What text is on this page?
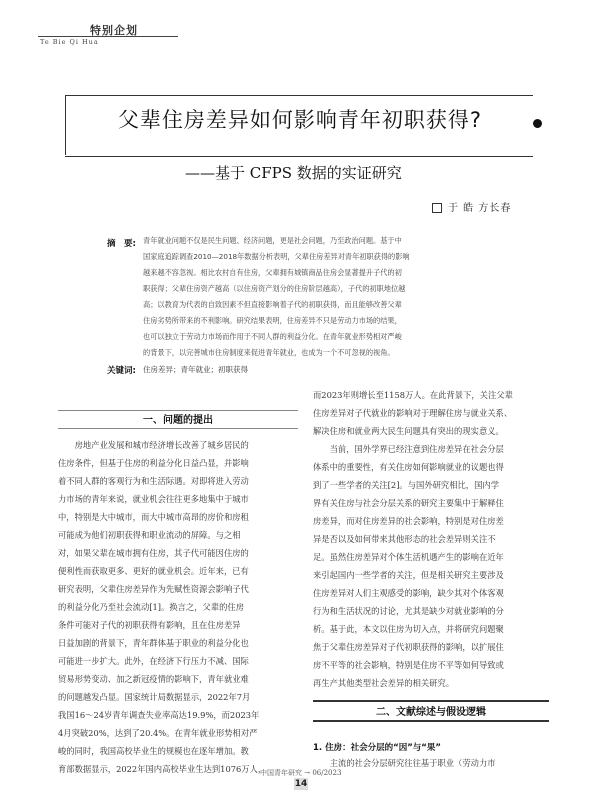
特别企划
Te Bie Qi Hua
父辈住房差异如何影响青年初职获得?
——基于 CFPS 数据的实证研究
于 皓 方长春
摘　要: 青年就业问题不仅是民生问题、经济问题，更是社会问题，乃至政治问题。基于中
国家庭追踪调查2010—2018年数据分析表明，父辈住房差异对青年初职获得的影响
越来越不容忽视。相比农村自有住房，父辈拥有城镇商品住房会显著提升子代的初
职获得；父辈住房资产越高（以住房资产划分的住房阶层越高），子代的初职地位越
高；以教育为代表的自致因素不但直接影响着子代的初职获得，而且能够改善父辈
住房劣势所带来的不利影响。研究结果表明，住房差异不只是劳动力市场的结果，
也可以独立于劳动力市场而作用于不同人群的利益分化。在青年就业形势相对严峻
的背景下，以完善城市住房制度来促进青年就业，也成为一个不可忽视的视角。
关键词: 住房差异；青年就业；初职获得
一、问题的提出
　　房地产业发展和城市经济增长改善了城乡居民的
住房条件，但基于住房的利益分化日益凸显，并影响
着不同人群的客观行为和生活际遇。对即将进入劳动
力市场的青年来说，就业机会往往更多地集中于城市
中，特别是大中城市，而大中城市高昂的房价和房租
可能成为他们初职获得和职业流动的屏障。与之相
对，如果父辈在城市拥有住房，其子代可能因住房的
便利性而获取更多、更好的就业机会。近年来，已有
研究表明，父辈住房差异作为先赋性资源会影响子代
的利益分化乃至社会流动[1]。换言之，父辈的住房
条件可能对子代的初职获得有影响，且在住房差异
日益加剧的背景下，青年群体基于职业的利益分化也
可能进一步扩大。此外，在经济下行压力不减、国际
贸易形势变动、加之新冠疫情的影响下，青年就业难
的问题越发凸显。国家统计局数据显示，2022年7月
我国16～24岁青年调查失业率高达19.9%，而2023年
4月突破20%，达到了20.4%。在青年就业形势相对严
峻的同时，我国高校毕业生的规模也在逐年增加。教
育部数据显示，2022年国内高校毕业生达到1076万人，
而2023年则增长至1158万人。在此背景下，关注父辈
住房差异对子代就业的影响对于理解住房与就业关系、
解决住房和就业两大民生问题具有突出的现实意义。
　　当前，国外学界已经注意到住房差异在社会分层
体系中的重要性，有关住房如何影响就业的议题也得
到了一些学者的关注[2]。与国外研究相比，国内学
界有关住房与社会分层关系的研究主要集中于解释住
房差异，而对住房差异的社会影响，特别是对住房差
异是否以及如何带来其他形态的社会差异则关注不
足。虽然住房差异对个体生活机遇产生的影响在近年
来引起国内一些学者的关注，但是相关研究主要涉及
住房差异对人们主观感受的影响，缺少其对个体客观
行为和生活状况的讨论，尤其是缺少对就业影响的分
析。基于此，本文以住房为切入点，并将研究问题聚
焦于父辈住房差异对子代初职获得的影响，以扩展住
房不平等的社会影响，特别是住房不平等如何导致或
再生产其他类型社会差异的相关研究。
二、文献综述与假设逻辑
1. 住房：社会分层的“因”与“果”
　　主流的社会分层研究往往基于职业（劳动力市
中国青年研究 → 06/2023
14
